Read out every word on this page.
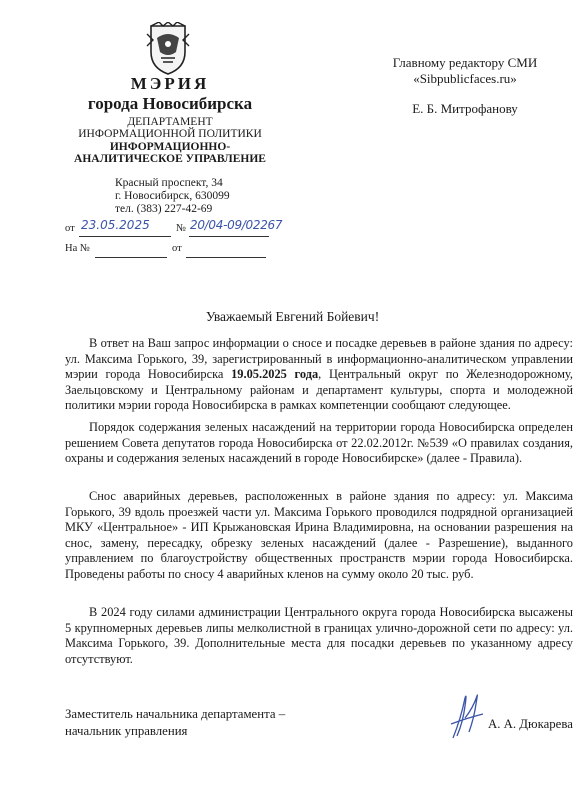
МЭРИЯ
города Новосибирска
ДЕПАРТАМЕНТ
ИНФОРМАЦИОННОЙ ПОЛИТИКИ
ИНФОРМАЦИОННО-
АНАЛИТИЧЕСКОЕ УПРАВЛЕНИЕ
Красный проспект, 34
г. Новосибирск, 630099
тел. (383) 227-42-69
от 23.05.2025	№ 20/04-09/02267
На №	от
Главному редактору СМИ
«Sibpublicfaces.ru»
Е. Б. Митрофанову
Уважаемый Евгений Бойевич!

В ответ на Ваш запрос информации о сносе и посадке деревьев в районе здания по адресу: ул. Максима Горького, 39, зарегистрированный в информационно-аналитическом управлении мэрии города Новосибирска 19.05.2025 года, Центральный округ по Железнодорожному, Заельцовскому и Центральному районам и департамент культуры, спорта и молодежной политики мэрии города Новосибирска в рамках компетенции сообщают следующее.

Порядок содержания зеленых насаждений на территории города Новосибирска определен решением Совета депутатов города Новосибирска от 22.02.2012г. №539 «О правилах создания, охраны и содержания зеленых насаждений в городе Новосибирске» (далее - Правила).

Снос аварийных деревьев, расположенных в районе здания по адресу: ул. Максима Горького, 39 вдоль проезжей части ул. Максима Горького проводился подрядной организацией МКУ «Центральное» - ИП Крыжановская Ирина Владимировна, на основании разрешения на снос, замену, пересадку, обрезку зеленых насаждений (далее - Разрешение), выданного управлением по благоустройству общественных пространств мэрии города Новосибирска. Проведены работы по сносу 4 аварийных кленов на сумму около 20 тыс. руб.

В 2024 году силами администрации Центрального округа города Новосибирска высажены 5 крупномерных деревьев липы мелколистной в границах улично-дорожной сети по адресу: ул. Максима Горького, 39. Дополнительные места для посадки деревьев по указанному адресу отсутствуют.

Заместитель начальника департамента –
начальник управления	А. А. Дюкарева
